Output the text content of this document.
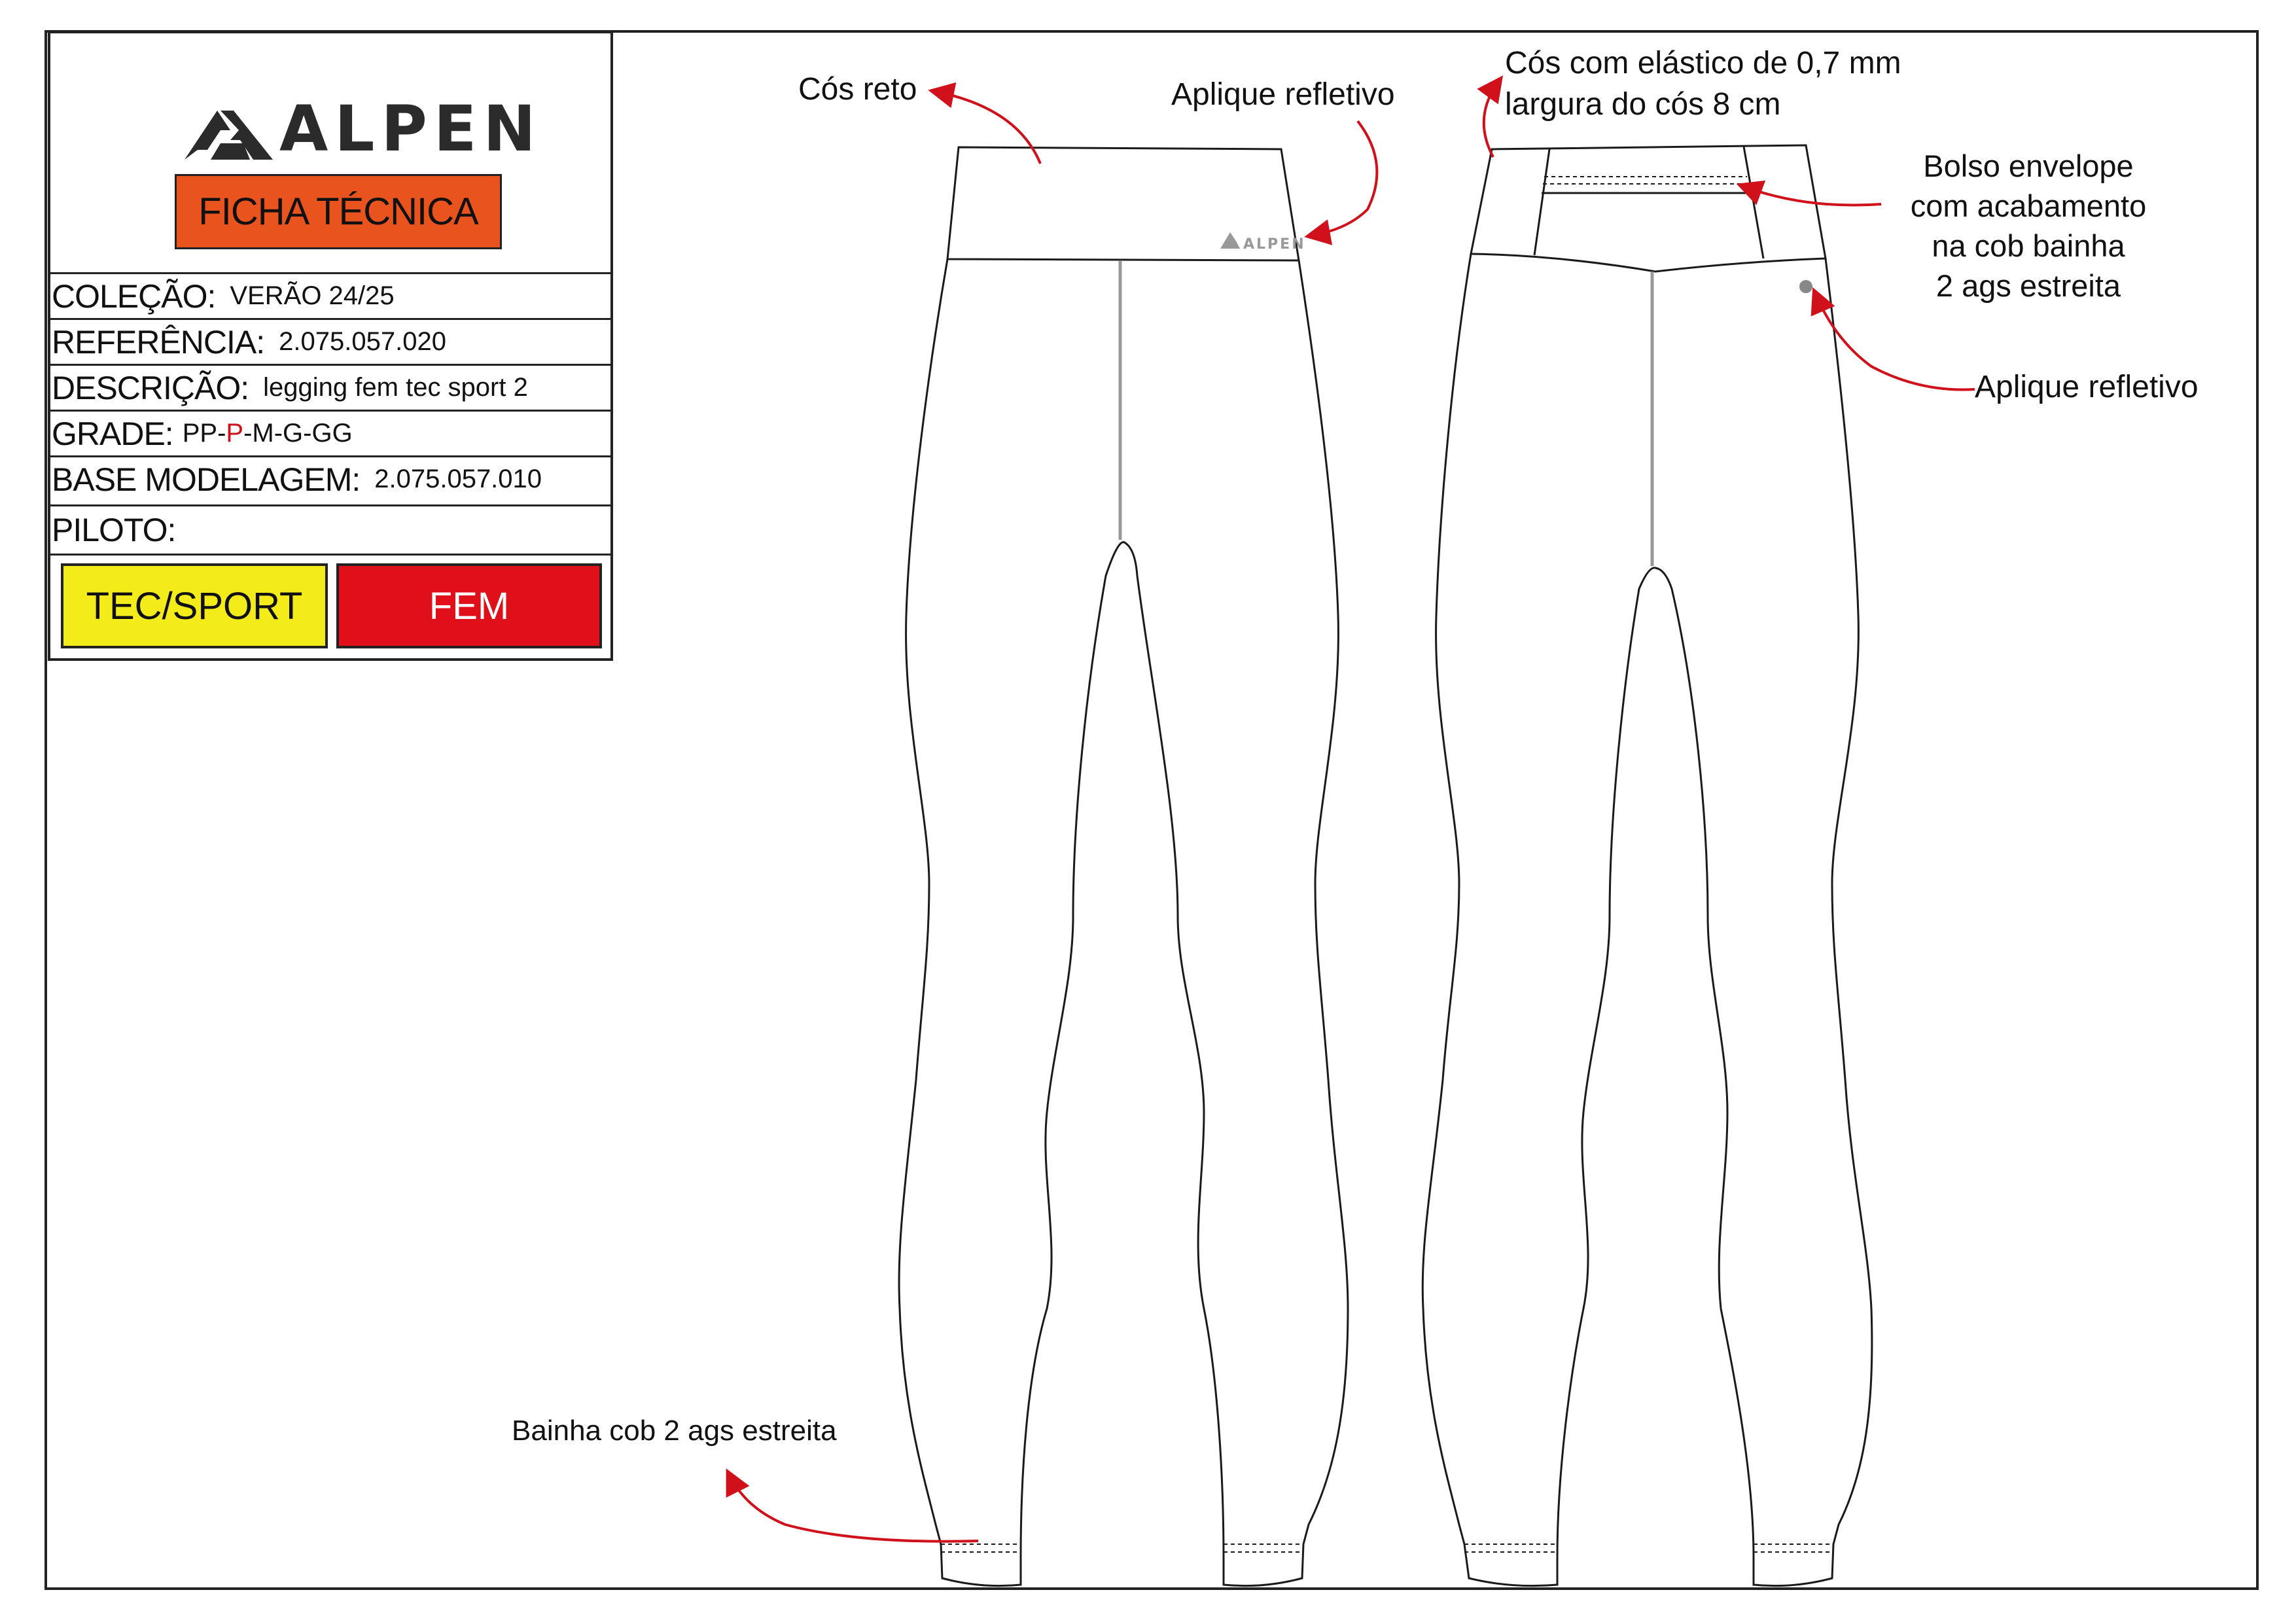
ALPEN
FICHA TÉCNICA
COLEÇÃO: VERÃO 24/25
REFERÊNCIA: 2.075.057.020
DESCRIÇÃO: legging fem tec sport 2
GRADE: PP-P-M-G-GG
BASE MODELAGEM: 2.075.057.010
PILOTO:
TEC/SPORT	FEM
ALPEN
Cós reto	Aplique refletivo
Cós com elástico de 0,7 mm
largura do cós 8 cm
Bolso envelope
com acabamento
na cob bainha
2 ags estreita
Aplique refletivo
Bainha cob 2 ags estreita
